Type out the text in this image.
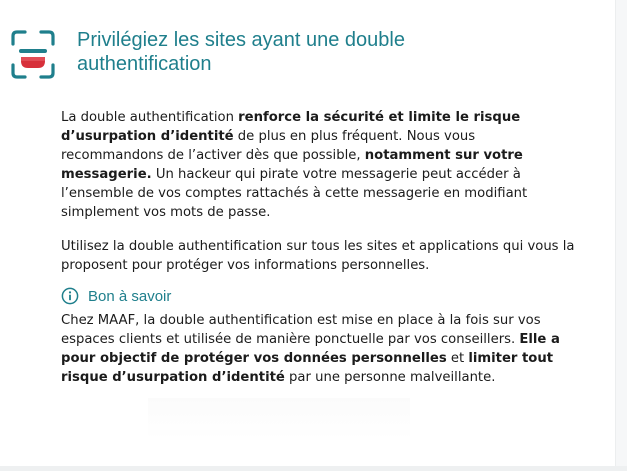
Privilégiez les sites ayant une double authentification

La double authentification renforce la sécurité et limite le risque d’usurpation d’identité de plus en plus fréquent. Nous vous recommandons de l’activer dès que possible, notamment sur votre messagerie. Un hackeur qui pirate votre messagerie peut accéder à l’ensemble de vos comptes rattachés à cette messagerie en modifiant simplement vos mots de passe.

Utilisez la double authentification sur tous les sites et applications qui vous la proposent pour protéger vos informations personnelles.

Bon à savoir

Chez MAAF, la double authentification est mise en place à la fois sur vos espaces clients et utilisée de manière ponctuelle par vos conseillers. Elle a pour objectif de protéger vos données personnelles et limiter tout risque d’usurpation d’identité par une personne malveillante.
